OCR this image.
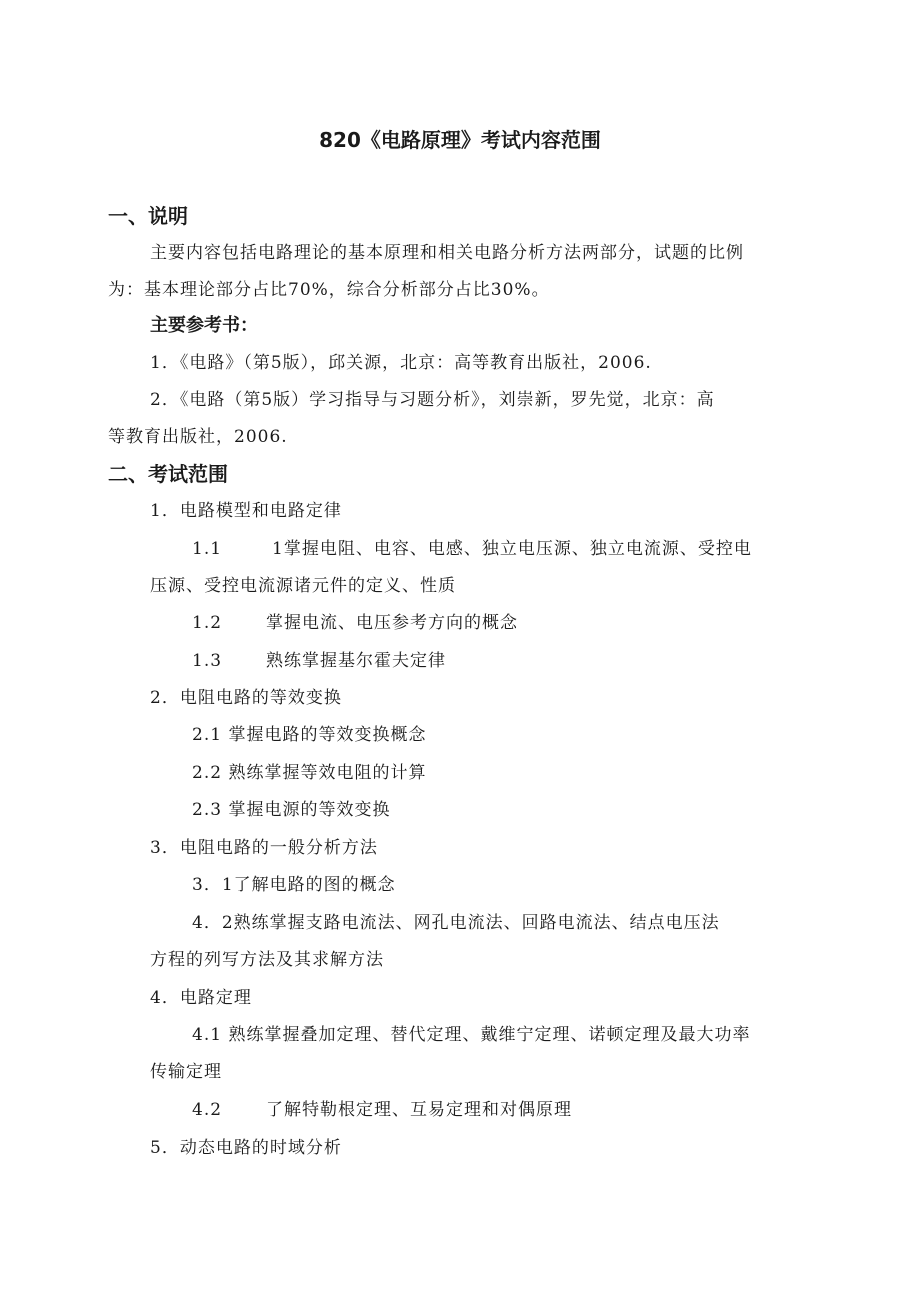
820《电路原理》考试内容范围
一、说明
主要内容包括电路理论的基本原理和相关电路分析方法两部分，试题的比例
为：基本理论部分占比70%，综合分析部分占比30%。
主要参考书：
1．《电路》（第5版），邱关源，北京：高等教育出版社，2006.
2．《电路（第5版）学习指导与习题分析》，刘崇新，罗先觉，北京：高
等教育出版社，2006.
二、考试范围
1．电路模型和电路定律
1.1	1掌握电阻、电容、电感、独立电压源、独立电流源、受控电
压源、受控电流源诸元件的定义、性质
1.2	掌握电流、电压参考方向的概念
1.3	熟练掌握基尔霍夫定律
2．电阻电路的等效变换
2.1 掌握电路的等效变换概念
2.2 熟练掌握等效电阻的计算
2.3 掌握电源的等效变换
3．电阻电路的一般分析方法
3．1了解电路的图的概念
4．2熟练掌握支路电流法、网孔电流法、回路电流法、结点电压法
方程的列写方法及其求解方法
4．电路定理
4.1 熟练掌握叠加定理、替代定理、戴维宁定理、诺顿定理及最大功率
传输定理
4.2	了解特勒根定理、互易定理和对偶原理
5．动态电路的时域分析
